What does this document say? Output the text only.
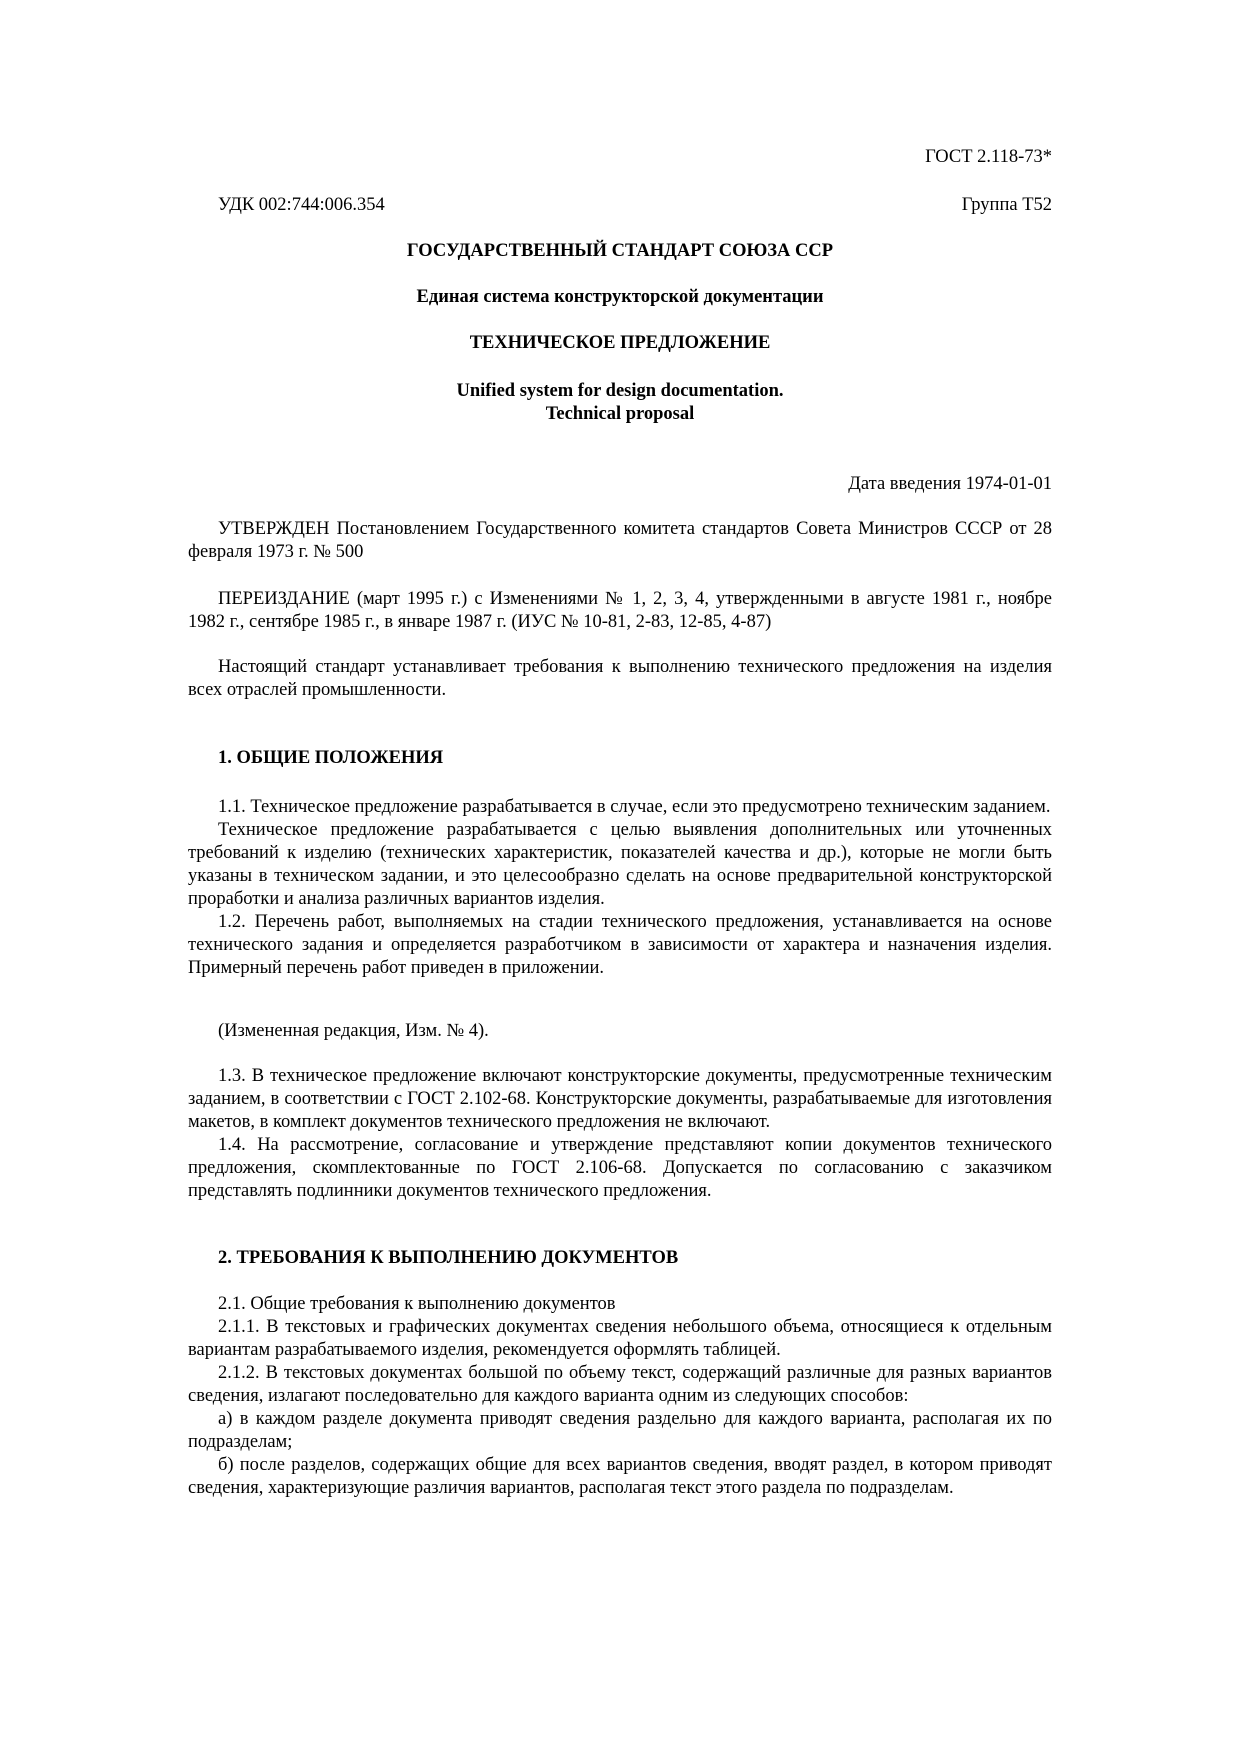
ГОСТ 2.118-73*
УДК 002:744:006.354	Группа Т52
ГОСУДАРСТВЕННЫЙ СТАНДАРТ СОЮЗА ССР
Единая система конструкторской документации
ТЕХНИЧЕСКОЕ ПРЕДЛОЖЕНИЕ
Unified system for design documentation.
Technical proposal
Дата введения 1974-01-01

УТВЕРЖДЕН Постановлением Государственного комитета стандартов Совета Министров СССР от 28 февраля 1973 г. № 500

ПЕРЕИЗДАНИЕ (март 1995 г.) с Изменениями № 1, 2, 3, 4, утвержденными в августе 1981 г., ноябре 1982 г., сентябре 1985 г., в январе 1987 г. (ИУС № 10-81, 2-83, 12-85, 4-87)

Настоящий стандарт устанавливает требования к выполнению технического предложения на изделия всех отраслей промышленности.

1. ОБЩИЕ ПОЛОЖЕНИЯ

1.1. Техническое предложение разрабатывается в случае, если это предусмотрено техническим заданием.

Техническое предложение разрабатывается с целью выявления дополнительных или уточненных требований к изделию (технических характеристик, показателей качества и др.), которые не могли быть указаны в техническом задании, и это целесообразно сделать на основе предварительной конструкторской проработки и анализа различных вариантов изделия.

1.2. Перечень работ, выполняемых на стадии технического предложения, устанавливается на основе технического задания и определяется разработчиком в зависимости от характера и назначения изделия. Примерный перечень работ приведен в приложении.

(Измененная редакция, Изм. № 4).

1.3. В техническое предложение включают конструкторские документы, предусмотренные техническим заданием, в соответствии с ГОСТ 2.102-68. Конструкторские документы, разрабатываемые для изготовления макетов, в комплект документов технического предложения не включают.

1.4. На рассмотрение, согласование и утверждение представляют копии документов технического предложения, скомплектованные по ГОСТ 2.106-68. Допускается по согласованию с заказчиком представлять подлинники документов технического предложения.

2. ТРЕБОВАНИЯ К ВЫПОЛНЕНИЮ ДОКУМЕНТОВ

2.1. Общие требования к выполнению документов

2.1.1. В текстовых и графических документах сведения небольшого объема, относящиеся к отдельным вариантам разрабатываемого изделия, рекомендуется оформлять таблицей.

2.1.2. В текстовых документах большой по объему текст, содержащий различные для разных вариантов сведения, излагают последовательно для каждого варианта одним из следующих способов:

а) в каждом разделе документа приводят сведения раздельно для каждого варианта, располагая их по подразделам;

б) после разделов, содержащих общие для всех вариантов сведения, вводят раздел, в котором приводят сведения, характеризующие различия вариантов, располагая текст этого раздела по подразделам.
